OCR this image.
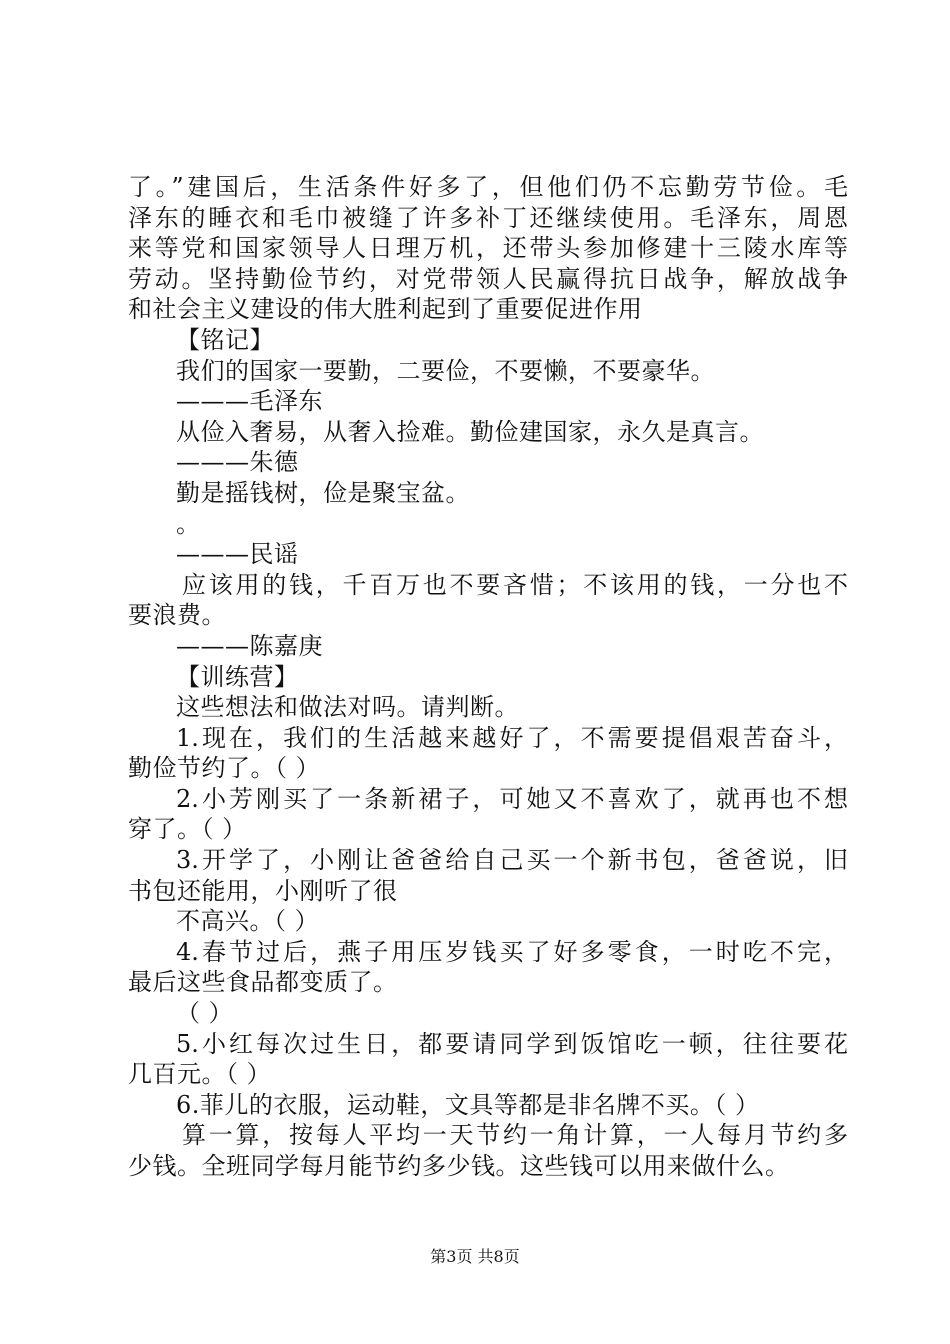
了。”建国后，生活条件好多了，但他们仍不忘勤劳节俭。毛
泽东的睡衣和毛巾被缝了许多补丁还继续使用。毛泽东，周恩
来等党和国家领导人日理万机，还带头参加修建十三陵水库等
劳动。坚持勤俭节约，对党带领人民赢得抗日战争，解放战争
和社会主义建设的伟大胜利起到了重要促进作用
【铭记】
我们的国家一要勤，二要俭，不要懒，不要豪华。
———毛泽东
从俭入奢易，从奢入捡难。勤俭建国家，永久是真言。
———朱德
勤是摇钱树，俭是聚宝盆。
。
———民谣
应该用的钱，千百万也不要吝惜；不该用的钱，一分也不
要浪费。
———陈嘉庚
【训练营】
这些想法和做法对吗。请判断。
1.现在，我们的生活越来越好了，不需要提倡艰苦奋斗，
勤俭节约了。（ ）
2.小芳刚买了一条新裙子，可她又不喜欢了，就再也不想
穿了。（ ）
3.开学了，小刚让爸爸给自己买一个新书包，爸爸说，旧
书包还能用，小刚听了很
不高兴。（ ）
4.春节过后，燕子用压岁钱买了好多零食，一时吃不完，
最后这些食品都变质了。
（ ）
5.小红每次过生日，都要请同学到饭馆吃一顿，往往要花
几百元。（ ）
6.菲儿的衣服，运动鞋，文具等都是非名牌不买。（ ）
算一算，按每人平均一天节约一角计算，一人每月节约多
少钱。全班同学每月能节约多少钱。这些钱可以用来做什么。
第3页 共8页
